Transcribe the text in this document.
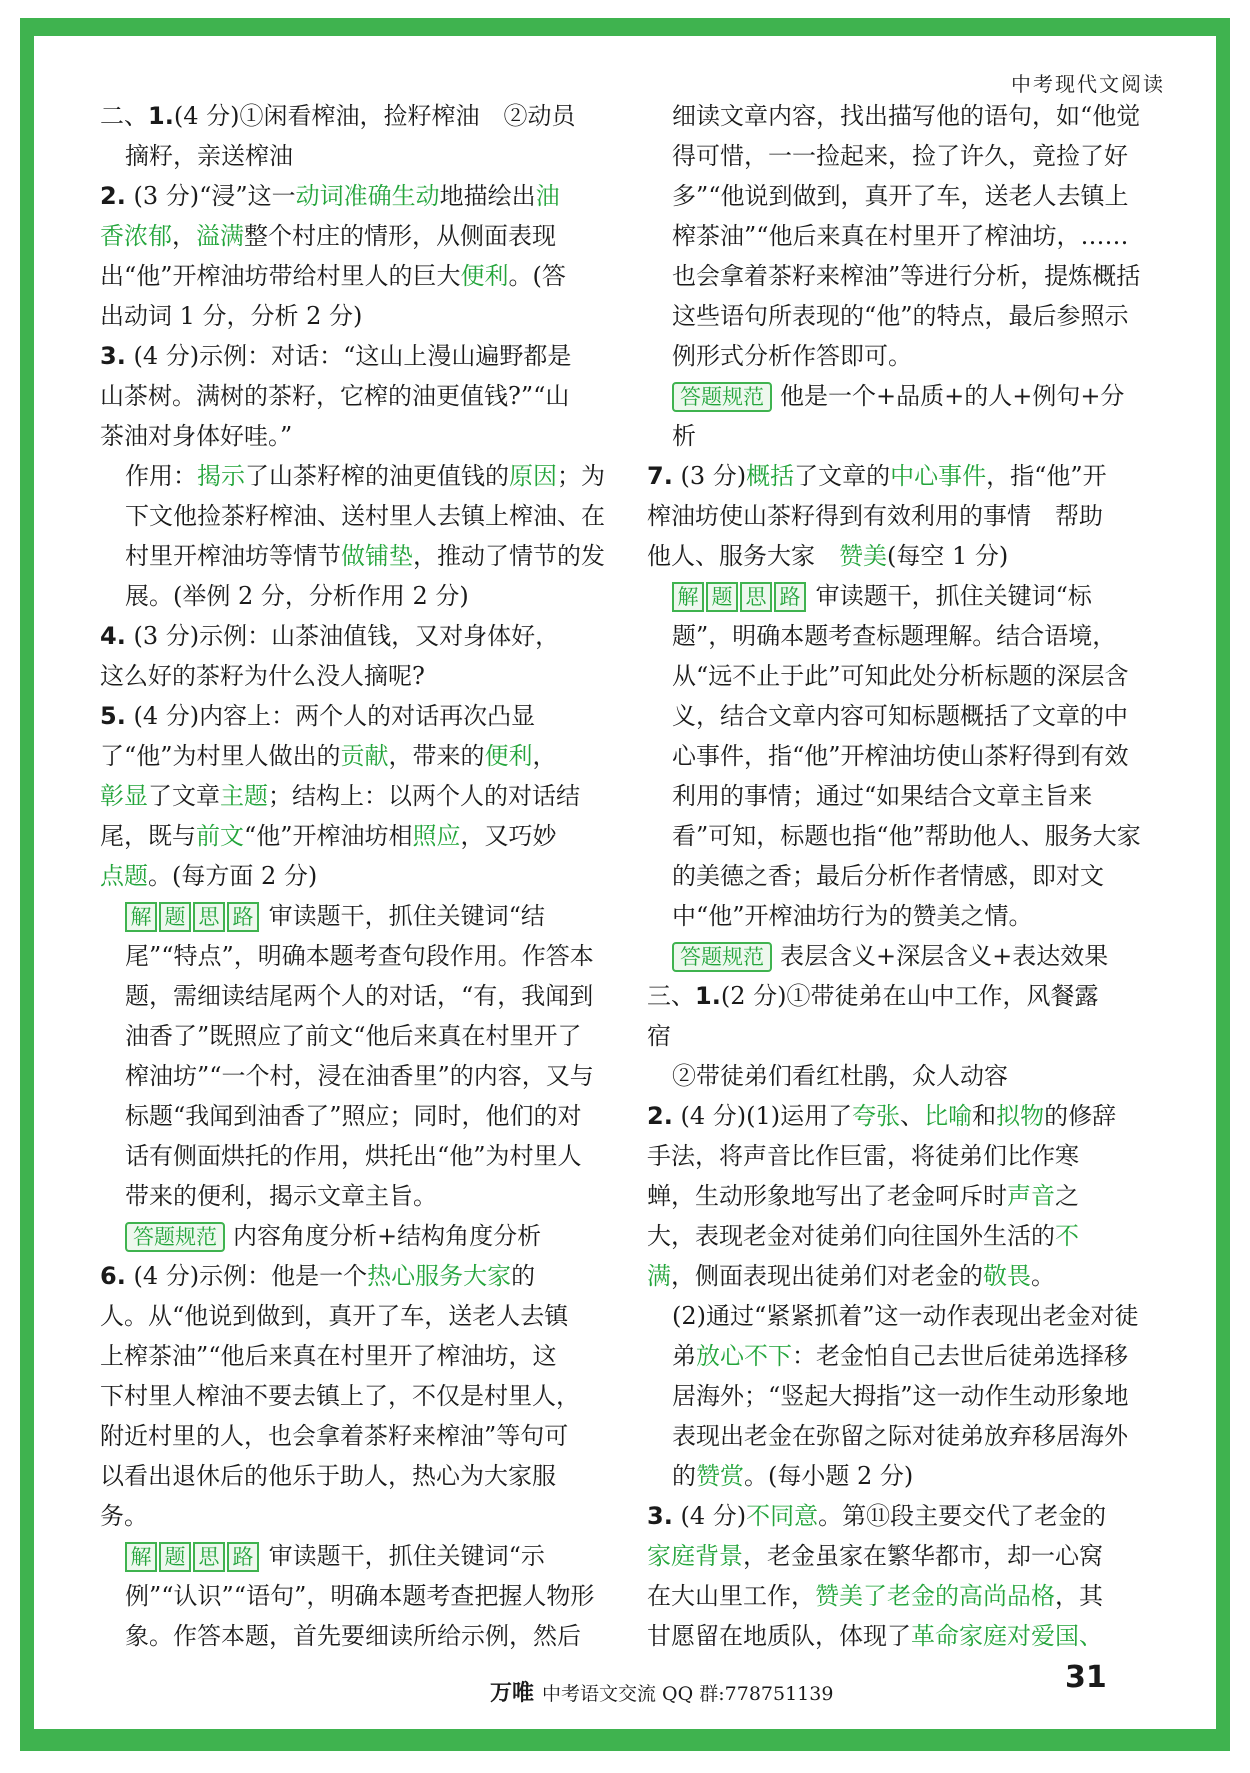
中考现代文阅读

二、1.(4 分)①闲看榨油，捡籽榨油　②动员

摘籽，亲送榨油

2. (3 分)“浸”这一动词准确生动地描绘出油香浓郁，溢满整个村庄的情形，从侧面表现出“他”开榨油坊带给村里人的巨大便利。(答出动词 1 分，分析 2 分)

3. (4 分)示例：对话：“这山上漫山遍野都是山茶树。满树的茶籽，它榨的油更值钱?”“山茶油对身体好哇。”

作用：揭示了山茶籽榨的油更值钱的原因；为下文他捡茶籽榨油、送村里人去镇上榨油、在村里开榨油坊等情节做铺垫，推动了情节的发展。(举例 2 分，分析作用 2 分)

4. (3 分)示例：山茶油值钱，又对身体好，这么好的茶籽为什么没人摘呢?

5. (4 分)内容上：两个人的对话再次凸显了“他”为村里人做出的贡献，带来的便利，彰显了文章主题；结构上：以两个人的对话结尾，既与前文“他”开榨油坊相照应，又巧妙点题。(每方面 2 分)

解 题 思 路 审读题干，抓住关键词“结尾”“特点”，明确本题考查句段作用。作答本题，需细读结尾两个人的对话，“有，我闻到油香了”既照应了前文“他后来真在村里开了榨油坊”“一个村，浸在油香里”的内容，又与标题“我闻到油香了”照应；同时，他们的对话有侧面烘托的作用，烘托出“他”为村里人带来的便利，揭示文章主旨。

答题规范 内容角度分析+结构角度分析

6. (4 分)示例：他是一个热心服务大家的人。从“他说到做到，真开了车，送老人去镇上榨茶油”“他后来真在村里开了榨油坊，这下村里人榨油不要去镇上了，不仅是村里人，附近村里的人，也会拿着茶籽来榨油”等句可以看出退休后的他乐于助人，热心为大家服务。

解 题 思 路 审读题干，抓住关键词“示例”“认识”“语句”，明确本题考查把握人物形象。作答本题，首先要细读所给示例，然后

细读文章内容，找出描写他的语句，如“他觉得可惜，一一捡起来，捡了许久，竟捡了好多”“他说到做到，真开了车，送老人去镇上榨茶油”“他后来真在村里开了榨油坊，……也会拿着茶籽来榨油”等进行分析，提炼概括这些语句所表现的“他”的特点，最后参照示例形式分析作答即可。

答题规范 他是一个+品质+的人+例句+分析

7. (3 分)概括了文章的中心事件，指“他”开榨油坊使山茶籽得到有效利用的事情　帮助他人、服务大家　赞美(每空 1 分)

解 题 思 路 审读题干，抓住关键词“标题”，明确本题考查标题理解。结合语境，从“远不止于此”可知此处分析标题的深层含义，结合文章内容可知标题概括了文章的中心事件，指“他”开榨油坊使山茶籽得到有效利用的事情；通过“如果结合文章主旨来看”可知，标题也指“他”帮助他人、服务大家的美德之香；最后分析作者情感，即对文中“他”开榨油坊行为的赞美之情。

答题规范 表层含义+深层含义+表达效果

三、1.(2 分)①带徒弟在山中工作，风餐露宿

②带徒弟们看红杜鹃，众人动容

2. (4 分)(1)运用了夸张、比喻和拟物的修辞手法，将声音比作巨雷，将徒弟们比作寒蝉，生动形象地写出了老金呵斥时声音之大，表现老金对徒弟们向往国外生活的不满，侧面表现出徒弟们对老金的敬畏。

(2)通过“紧紧抓着”这一动作表现出老金对徒弟放心不下：老金怕自己去世后徒弟选择移居海外；“竖起大拇指”这一动作生动形象地表现出老金在弥留之际对徒弟放弃移居海外的赞赏。(每小题 2 分)

3. (4 分)不同意。第⑪段主要交代了老金的家庭背景，老金虽家在繁华都市，却一心窝在大山里工作，赞美了老金的高尚品格，其甘愿留在地质队，体现了革命家庭对爱国、

万唯 中考语文交流 QQ 群:778751139	31
